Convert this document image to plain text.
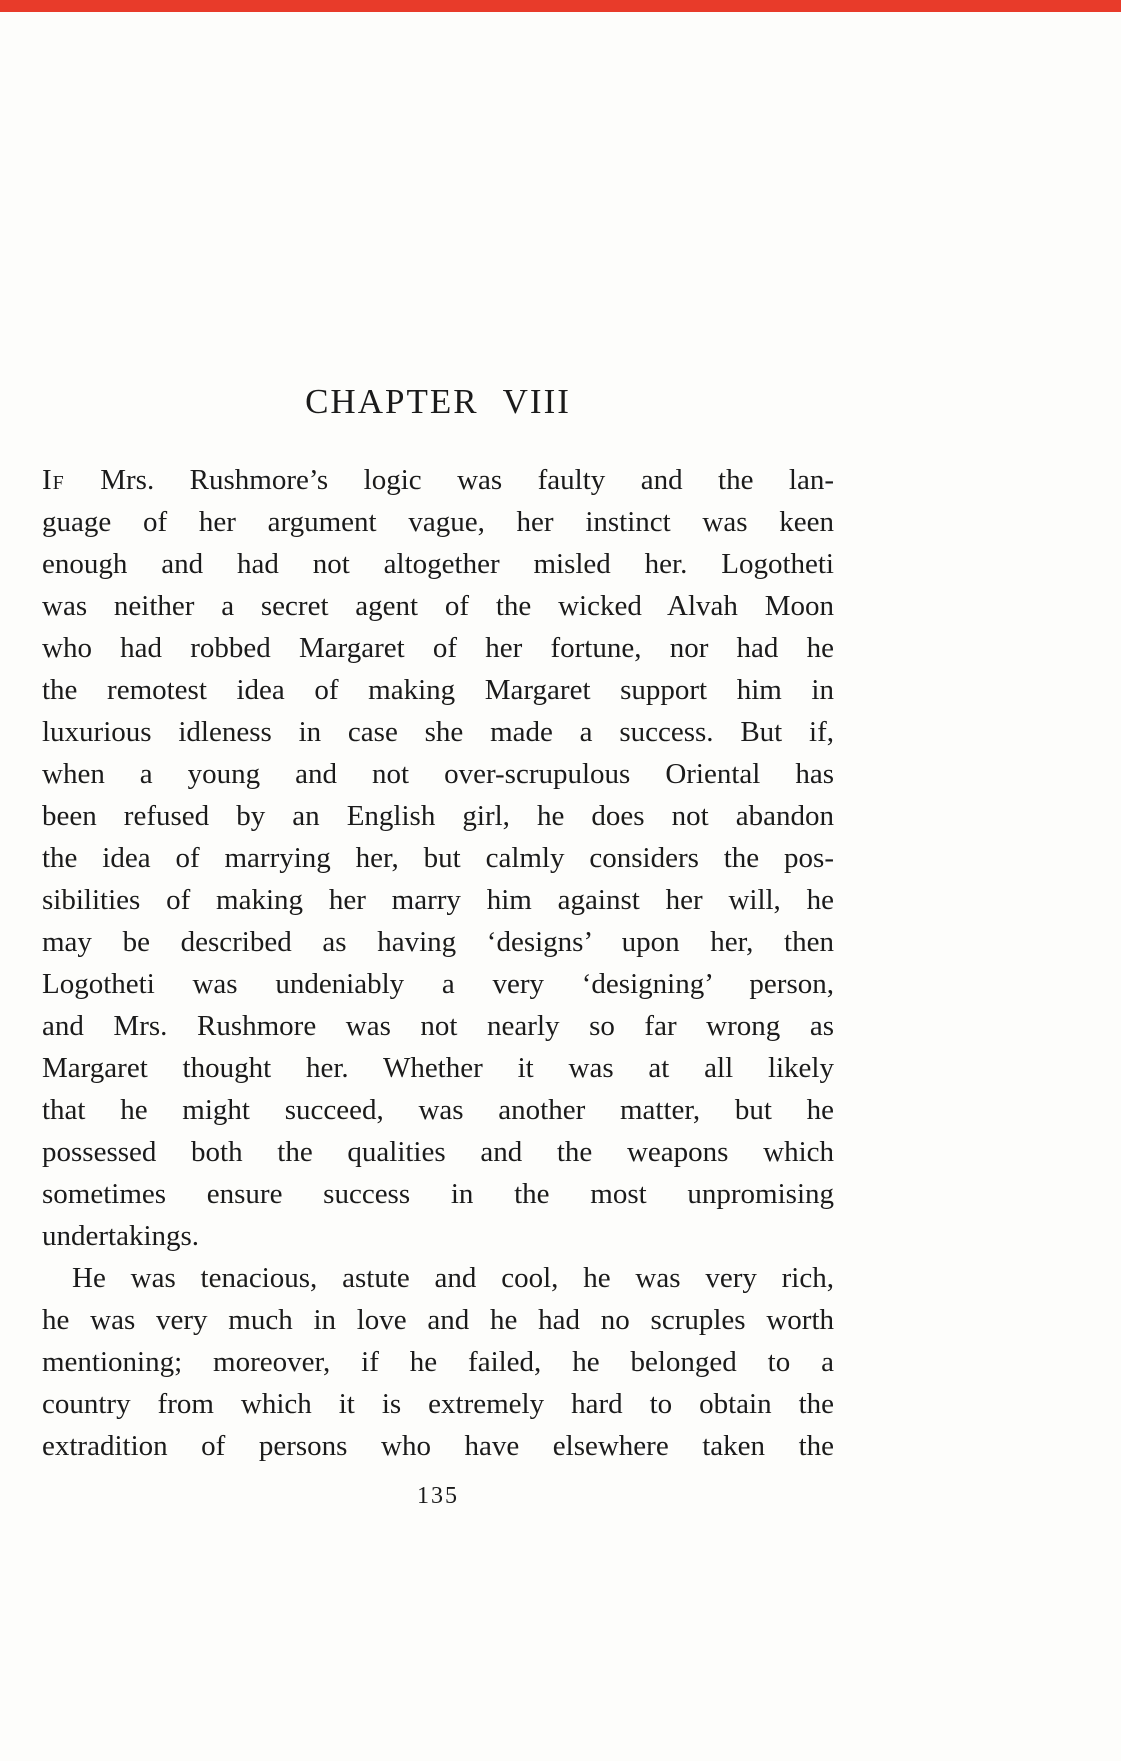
CHAPTER VIII
If Mrs. Rushmore’s logic was faulty and the lan-
guage of her argument vague, her instinct was keen
enough and had not altogether misled her. Logotheti
was neither a secret agent of the wicked Alvah Moon
who had robbed Margaret of her fortune, nor had he
the remotest idea of making Margaret support him in
luxurious idleness in case she made a success. But if,
when a young and not over-scrupulous Oriental has
been refused by an English girl, he does not abandon
the idea of marrying her, but calmly considers the pos-
sibilities of making her marry him against her will, he
may be described as having ‘designs’ upon her, then
Logotheti was undeniably a very ‘designing’ person,
and Mrs. Rushmore was not nearly so far wrong as
Margaret thought her. Whether it was at all likely
that he might succeed, was another matter, but he
possessed both the qualities and the weapons which
sometimes ensure success in the most unpromising
undertakings.
He was tenacious, astute and cool, he was very rich,
he was very much in love and he had no scruples worth
mentioning; moreover, if he failed, he belonged to a
country from which it is extremely hard to obtain the
extradition of persons who have elsewhere taken the
135
